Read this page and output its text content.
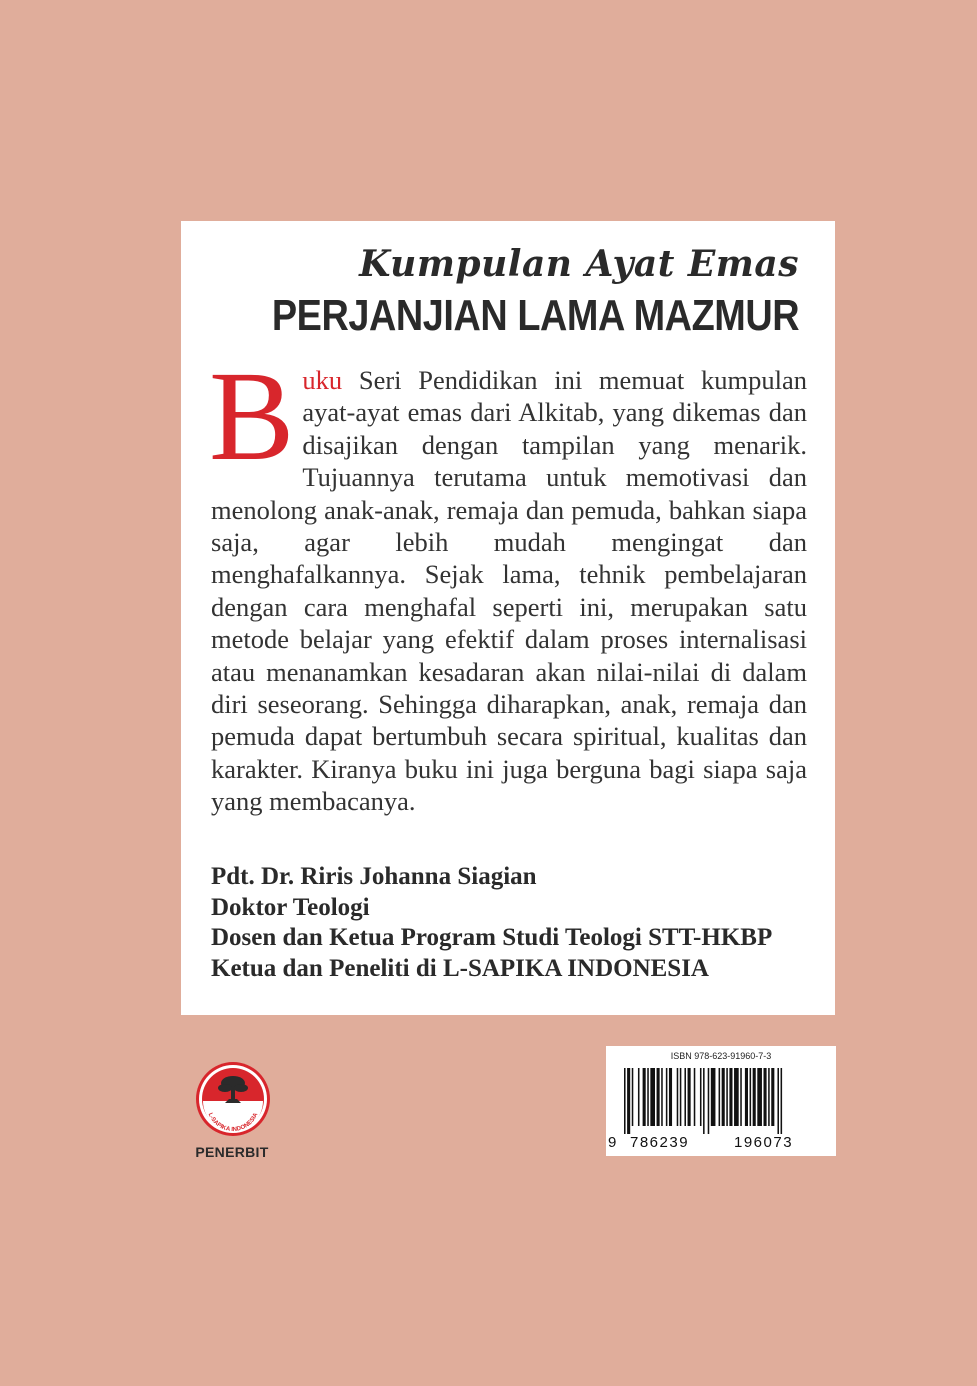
Kumpulan Ayat Emas
PERJANJIAN LAMA MAZMUR
Buku Seri Pendidikan ini memuat kumpulan ayat-ayat emas dari Alkitab, yang dikemas dan disajikan dengan tampilan yang menarik. Tujuannya terutama untuk memotivasi dan menolong anak-anak, remaja dan pemuda, bahkan siapa saja, agar lebih mudah mengingat dan menghafalkannya. Sejak lama, tehnik pembelajaran dengan cara menghafal seperti ini, merupakan satu metode belajar yang efektif dalam proses internalisasi atau menanamkan kesadaran akan nilai-nilai di dalam diri seseorang. Sehingga diharapkan, anak, remaja dan pemuda dapat bertumbuh secara spiritual, kualitas dan karakter. Kiranya buku ini juga berguna bagi siapa saja yang membacanya.
Pdt. Dr. Riris Johanna Siagian
Doktor Teologi
Dosen dan Ketua Program Studi Teologi STT-HKBP
Ketua dan Peneliti di L-SAPIKA INDONESIA
L-SAPIKA INDONESIA
PENERBIT
ISBN 978-623-91960-7-3
9 786239	196073
